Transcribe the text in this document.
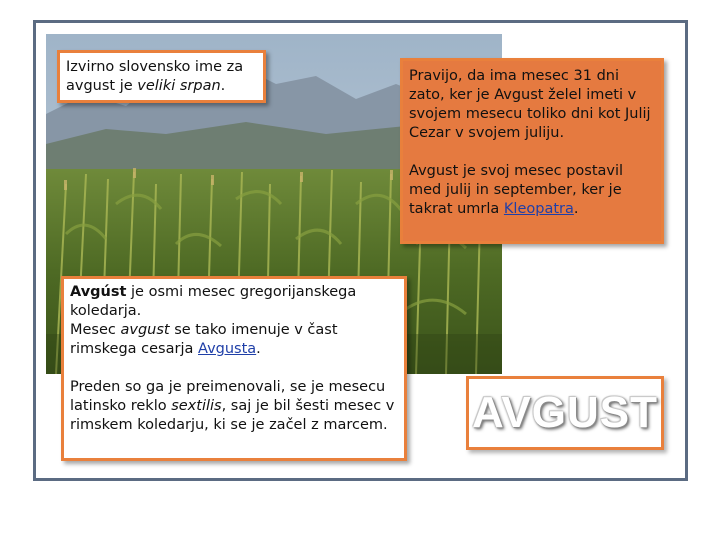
Izvirno slovensko ime za avgust je veliki srpan.

Pravijo, da ima mesec 31 dni zato, ker je Avgust želel imeti v svojem mesecu toliko dni kot Julij Cezar v svojem juliju.

Avgust je svoj mesec postavil med julij in september, ker je takrat umrla Kleopatra.

Avgúst je osmi mesec gregorijanskega koledarja.

Mesec avgust se tako imenuje v čast rimskega cesarja Avgusta.

Preden so ga je preimenovali, se je mesecu latinsko reklo sextilis, saj je bil šesti mesec v rimskem koledarju, ki se je začel z marcem. AVGUST
